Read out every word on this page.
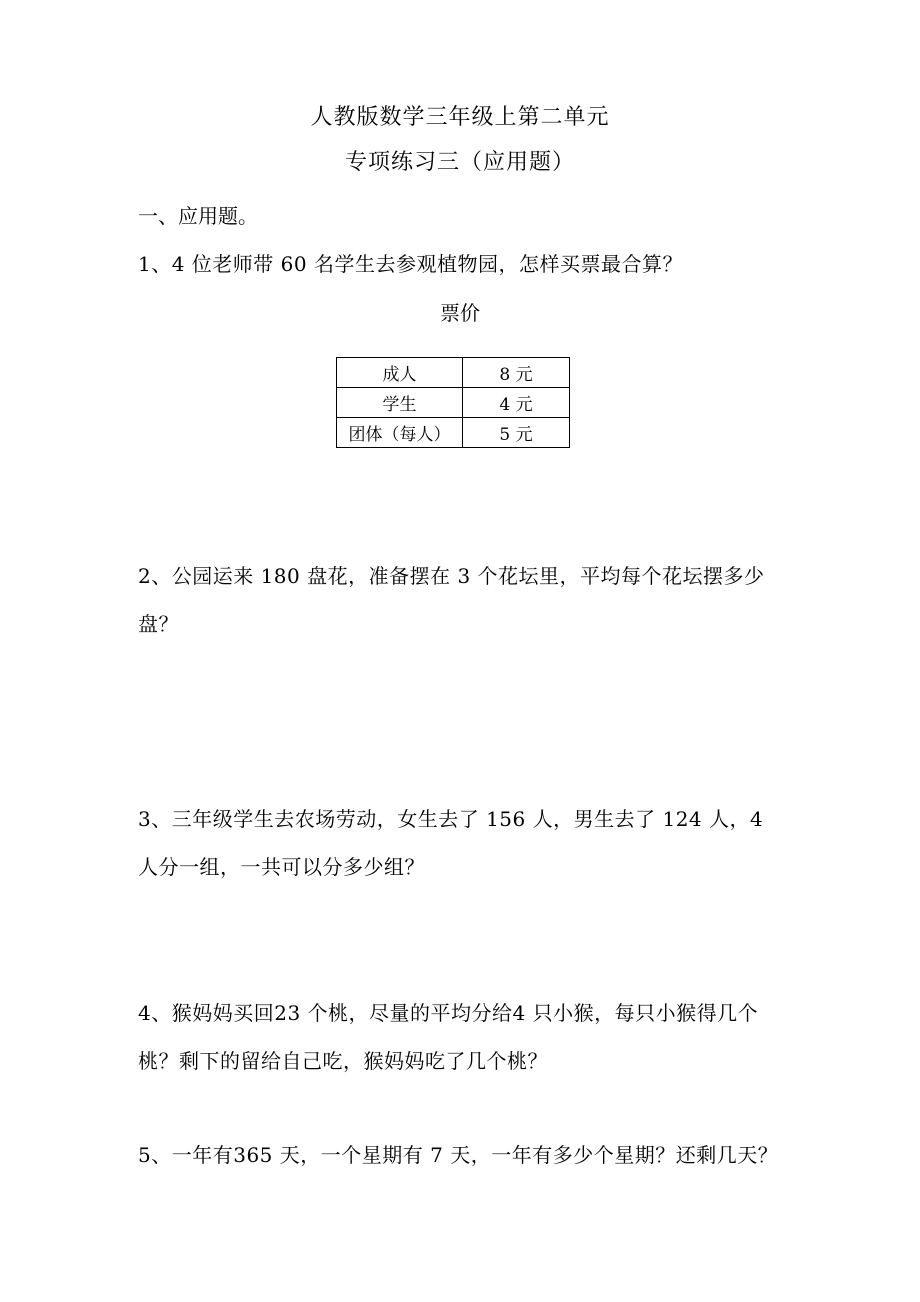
人教版数学三年级上第二单元
专项练习三（应用题）
一、应用题。
1、4 位老师带 60 名学生去参观植物园，怎样买票最合算？
票价
成人	8 元
学生	4 元
团体（每人）	5 元
2、公园运来 180 盘花，准备摆在 3 个花坛里，平均每个花坛摆多少
盘？
3、三年级学生去农场劳动，女生去了 156 人，男生去了 124 人，4
人分一组，一共可以分多少组？
4、猴妈妈买回23 个桃，尽量的平均分给4 只小猴，每只小猴得几个
桃？剩下的留给自己吃，猴妈妈吃了几个桃？
5、一年有365 天，一个星期有 7 天，一年有多少个星期？还剩几天？
